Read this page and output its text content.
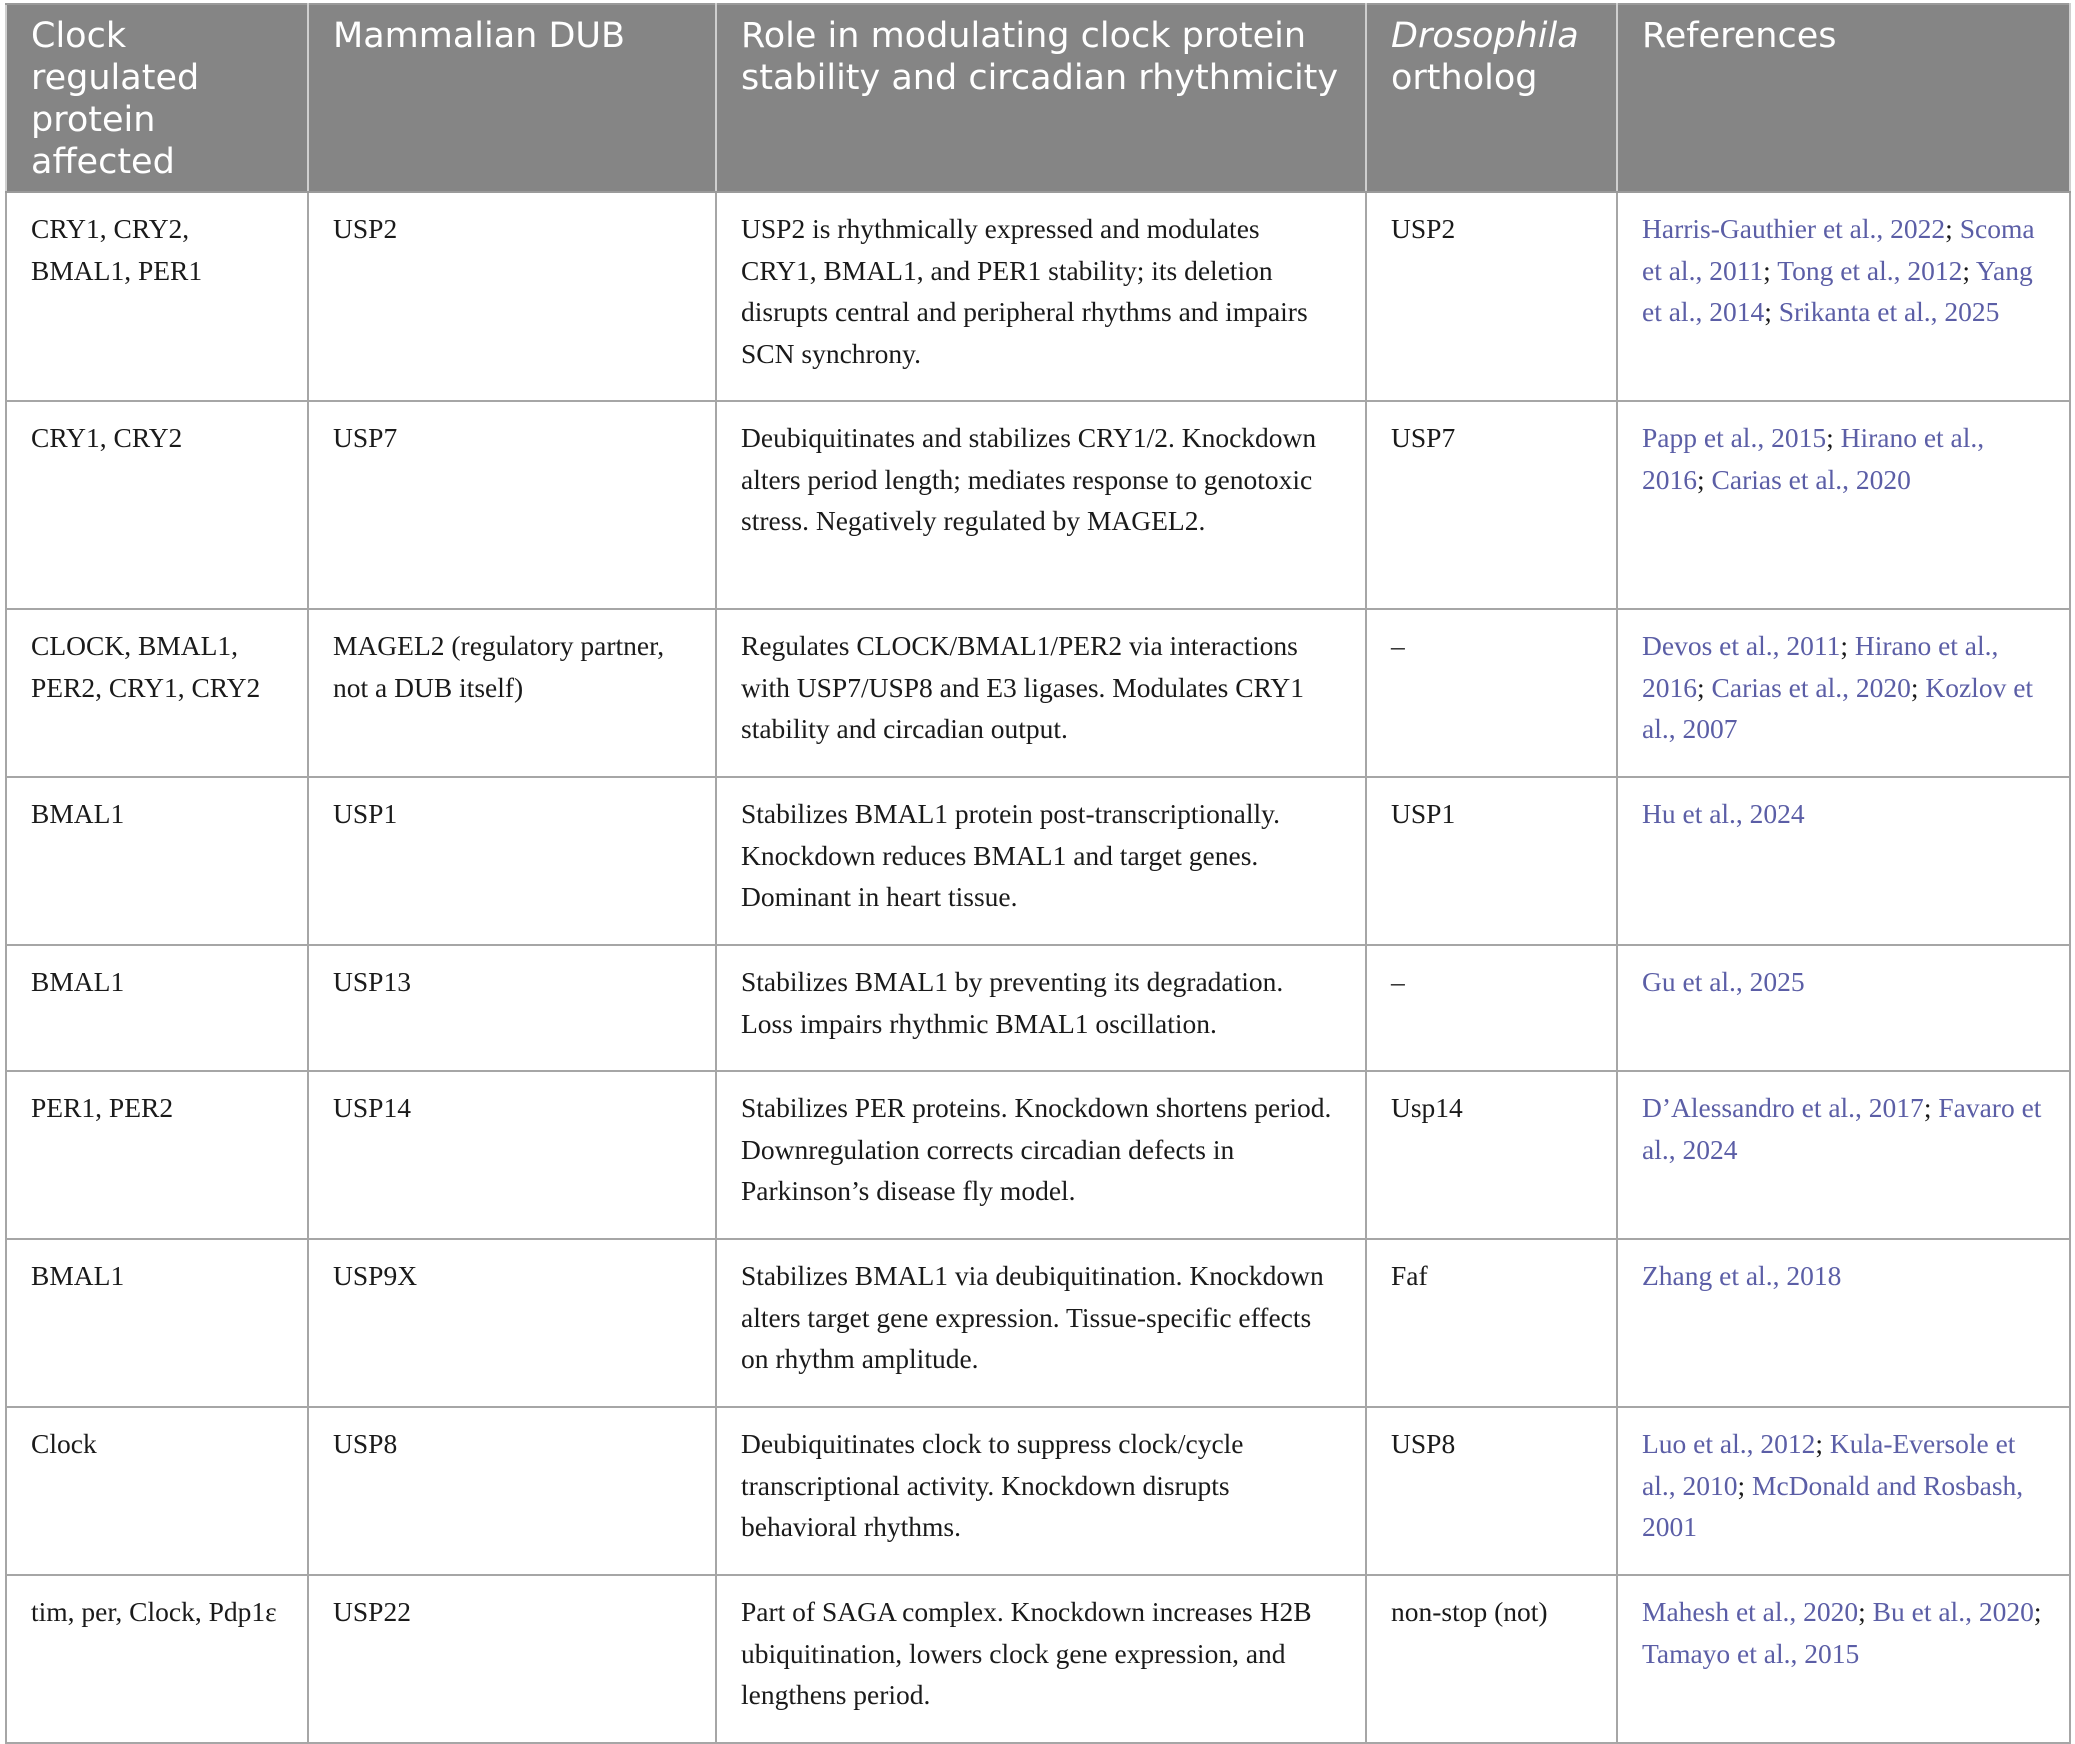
Clock regulated protein affected	Mammalian DUB	Role in modulating clock protein stability and circadian rhythmicity	Drosophila
ortholog	References
CRY1, CRY2, BMAL1, PER1	USP2	USP2 is rhythmically expressed and modulates CRY1, BMAL1, and PER1 stability; its deletion disrupts central and peripheral rhythms and impairs SCN synchrony.	USP2	Harris-Gauthier et al., 2022; Scoma et al., 2011; Tong et al., 2012; Yang et al., 2014; Srikanta et al., 2025
CRY1, CRY2	USP7	Deubiquitinates and stabilizes CRY1/2. Knockdown alters period length; mediates response to genotoxic stress. Negatively regulated by MAGEL2.	USP7	Papp et al., 2015; Hirano et al., 2016; Carias et al., 2020
CLOCK, BMAL1, PER2, CRY1, CRY2	MAGEL2 (regulatory partner, not a DUB itself)	Regulates CLOCK/BMAL1/PER2 via interactions with USP7/USP8 and E3 ligases. Modulates CRY1 stability and circadian output.	–	Devos et al., 2011; Hirano et al., 2016; Carias et al., 2020; Kozlov et al., 2007
BMAL1	USP1	Stabilizes BMAL1 protein post-transcriptionally. Knockdown reduces BMAL1 and target genes. Dominant in heart tissue.	USP1	Hu et al., 2024
BMAL1	USP13	Stabilizes BMAL1 by preventing its degradation. Loss impairs rhythmic BMAL1 oscillation.	–	Gu et al., 2025
PER1, PER2	USP14	Stabilizes PER proteins. Knockdown shortens period. Downregulation corrects circadian defects in Parkinson’s disease fly model.	Usp14	D’Alessandro et al., 2017; Favaro et al., 2024
BMAL1	USP9X	Stabilizes BMAL1 via deubiquitination. Knockdown alters target gene expression. Tissue-specific effects on rhythm amplitude.	Faf	Zhang et al., 2018
Clock	USP8	Deubiquitinates clock to suppress clock/cycle transcriptional activity. Knockdown disrupts behavioral rhythms.	USP8	Luo et al., 2012; Kula-Eversole et al., 2010; McDonald and Rosbash, 2001
tim, per, Clock, Pdp1ε	USP22	Part of SAGA complex. Knockdown increases H2B ubiquitination, lowers clock gene expression, and lengthens period.	non-stop (not)	Mahesh et al., 2020; Bu et al., 2020; Tamayo et al., 2015
